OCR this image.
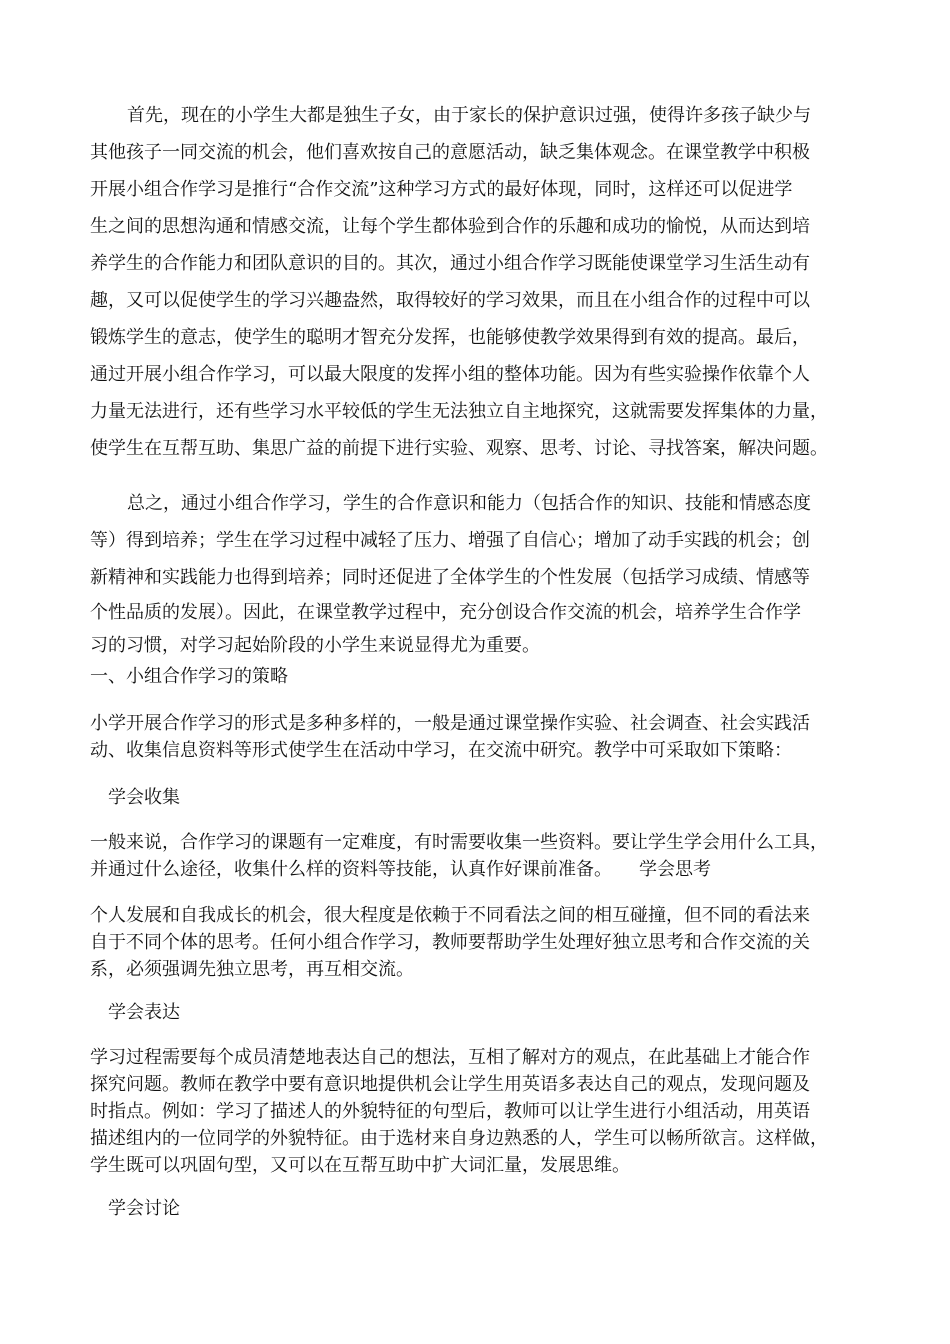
首先，现在的小学生大都是独生子女，由于家长的保护意识过强，使得许多孩子缺少与
其他孩子一同交流的机会，他们喜欢按自己的意愿活动，缺乏集体观念。在课堂教学中积极
开展小组合作学习是推行“合作交流”这种学习方式的最好体现，同时，这样还可以促进学
生之间的思想沟通和情感交流，让每个学生都体验到合作的乐趣和成功的愉悦，从而达到培
养学生的合作能力和团队意识的目的。其次，通过小组合作学习既能使课堂学习生活生动有
趣，又可以促使学生的学习兴趣盎然，取得较好的学习效果，而且在小组合作的过程中可以
锻炼学生的意志，使学生的聪明才智充分发挥，也能够使教学效果得到有效的提高。最后，
通过开展小组合作学习，可以最大限度的发挥小组的整体功能。因为有些实验操作依靠个人
力量无法进行，还有些学习水平较低的学生无法独立自主地探究，这就需要发挥集体的力量，
使学生在互帮互助、集思广益的前提下进行实验、观察、思考、讨论、寻找答案，解决问题。
总之，通过小组合作学习，学生的合作意识和能力（包括合作的知识、技能和情感态度
等）得到培养；学生在学习过程中减轻了压力、增强了自信心；增加了动手实践的机会；创
新精神和实践能力也得到培养；同时还促进了全体学生的个性发展（包括学习成绩、情感等
个性品质的发展）。因此，在课堂教学过程中，充分创设合作交流的机会，培养学生合作学
习的习惯，对学习起始阶段的小学生来说显得尤为重要。
一、小组合作学习的策略
小学开展合作学习的形式是多种多样的，一般是通过课堂操作实验、社会调查、社会实践活
动、收集信息资料等形式使学生在活动中学习，在交流中研究。教学中可采取如下策略：
学会收集
一般来说，合作学习的课题有一定难度，有时需要收集一些资料。要让学生学会用什么工具，
并通过什么途径，收集什么样的资料等技能，认真作好课前准备。　　学会思考
个人发展和自我成长的机会，很大程度是依赖于不同看法之间的相互碰撞，但不同的看法来
自于不同个体的思考。任何小组合作学习，教师要帮助学生处理好独立思考和合作交流的关
系，必须强调先独立思考，再互相交流。
学会表达
学习过程需要每个成员清楚地表达自己的想法，互相了解对方的观点，在此基础上才能合作
探究问题。教师在教学中要有意识地提供机会让学生用英语多表达自己的观点，发现问题及
时指点。例如：学习了描述人的外貌特征的句型后，教师可以让学生进行小组活动，用英语
描述组内的一位同学的外貌特征。由于选材来自身边熟悉的人，学生可以畅所欲言。这样做，
学生既可以巩固句型，又可以在互帮互助中扩大词汇量，发展思维。
学会讨论
